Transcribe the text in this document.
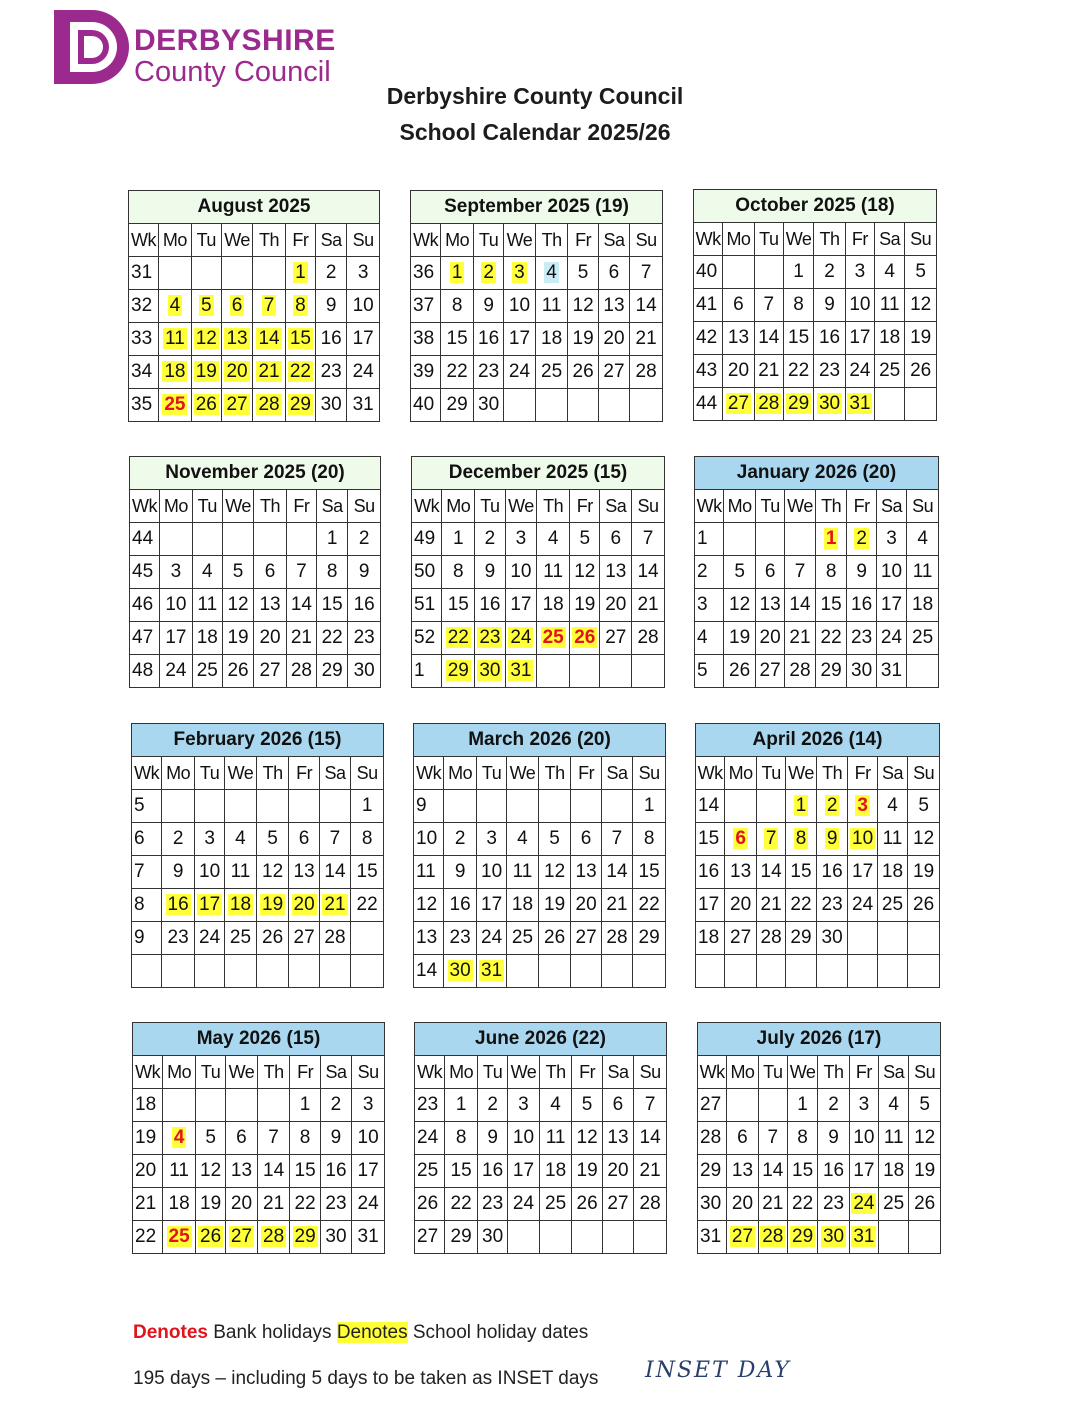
DERBYSHIRE
County Council
Derbyshire County Council
School Calendar 2025/26
August 2025							
Wk	Mo	Tu	We	Th	Fr	Sa	Su
31					1	2	3
32	4	5	6	7	8	9	10
33	11	12	13	14	15	16	17
34	18	19	20	21	22	23	24
35	25	26	27	28	29	30	31
September 2025 (19)							
Wk	Mo	Tu	We	Th	Fr	Sa	Su
36	1	2	3	4	5	6	7
37	8	9	10	11	12	13	14
38	15	16	17	18	19	20	21
39	22	23	24	25	26	27	28
40	29	30					
October 2025 (18)							
Wk	Mo	Tu	We	Th	Fr	Sa	Su
40			1	2	3	4	5
41	6	7	8	9	10	11	12
42	13	14	15	16	17	18	19
43	20	21	22	23	24	25	26
44	27	28	29	30	31		
November 2025 (20)							
Wk	Mo	Tu	We	Th	Fr	Sa	Su
44						1	2
45	3	4	5	6	7	8	9
46	10	11	12	13	14	15	16
47	17	18	19	20	21	22	23
48	24	25	26	27	28	29	30
December 2025 (15)							
Wk	Mo	Tu	We	Th	Fr	Sa	Su
49	1	2	3	4	5	6	7
50	8	9	10	11	12	13	14
51	15	16	17	18	19	20	21
52	22	23	24	25	26	27	28
1	29	30	31				
January 2026 (20)							
Wk	Mo	Tu	We	Th	Fr	Sa	Su
1				1	2	3	4
2	5	6	7	8	9	10	11
3	12	13	14	15	16	17	18
4	19	20	21	22	23	24	25
5	26	27	28	29	30	31	
February 2026 (15)							
Wk	Mo	Tu	We	Th	Fr	Sa	Su
5							1
6	2	3	4	5	6	7	8
7	9	10	11	12	13	14	15
8	16	17	18	19	20	21	22
9	23	24	25	26	27	28	

March 2026 (20)							
Wk	Mo	Tu	We	Th	Fr	Sa	Su
9							1
10	2	3	4	5	6	7	8
11	9	10	11	12	13	14	15
12	16	17	18	19	20	21	22
13	23	24	25	26	27	28	29
14	30	31					
April 2026 (14)							
Wk	Mo	Tu	We	Th	Fr	Sa	Su
14			1	2	3	4	5
15	6	7	8	9	10	11	12
16	13	14	15	16	17	18	19
17	20	21	22	23	24	25	26
18	27	28	29	30			

May 2026 (15)							
Wk	Mo	Tu	We	Th	Fr	Sa	Su
18					1	2	3
19	4	5	6	7	8	9	10
20	11	12	13	14	15	16	17
21	18	19	20	21	22	23	24
22	25	26	27	28	29	30	31
June 2026 (22)							
Wk	Mo	Tu	We	Th	Fr	Sa	Su
23	1	2	3	4	5	6	7
24	8	9	10	11	12	13	14
25	15	16	17	18	19	20	21
26	22	23	24	25	26	27	28
27	29	30					
July 2026 (17)							
Wk	Mo	Tu	We	Th	Fr	Sa	Su
27			1	2	3	4	5
28	6	7	8	9	10	11	12
29	13	14	15	16	17	18	19
30	20	21	22	23	24	25	26
31	27	28	29	30	31		
Denotes Bank holidays Denotes School holiday dates
195 days – including 5 days to be taken as INSET days INSET DAY
